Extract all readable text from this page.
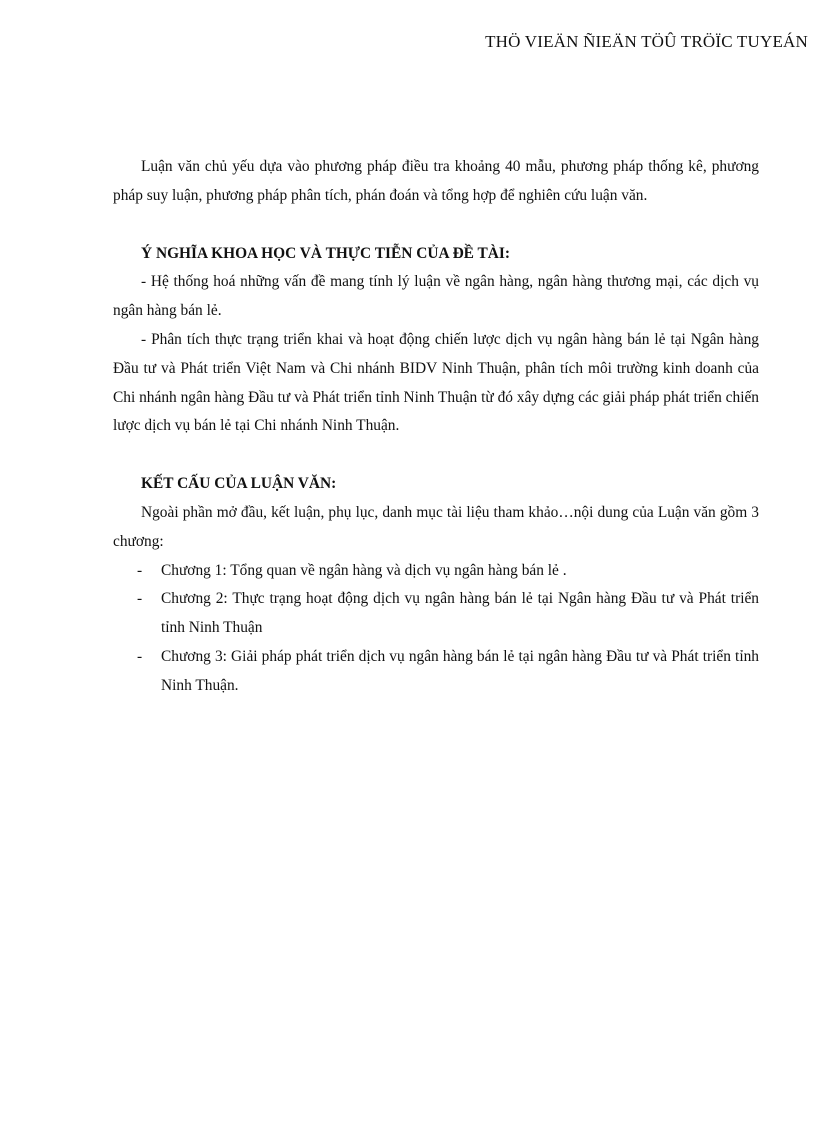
THÖ VIEÄN ÑIEÄN TÖÛ TRÖÏC TUYEÁN

Luận văn chủ yếu dựa vào phương pháp điều tra khoảng 40 mẫu, phương pháp thống kê, phương pháp suy luận, phương pháp phân tích, phán đoán và tổng hợp để nghiên cứu luận văn.

Ý NGHĨA KHOA HỌC VÀ THỰC TIỄN CỦA ĐỀ TÀI:

- Hệ thống hoá những vấn đề mang tính lý luận về ngân hàng, ngân hàng thương mại, các dịch vụ ngân hàng bán lẻ.

- Phân tích thực trạng triển khai và hoạt động chiến lược dịch vụ ngân hàng bán lẻ tại Ngân hàng Đầu tư và Phát triển Việt Nam và Chi nhánh BIDV Ninh Thuận, phân tích môi trường kinh doanh của Chi nhánh ngân hàng Đầu tư và Phát triển tỉnh Ninh Thuận từ đó xây dựng các giải pháp phát triển chiến lược dịch vụ bán lẻ tại Chi nhánh Ninh Thuận.

KẾT CẤU CỦA LUẬN VĂN:

Ngoài phần mở đầu, kết luận, phụ lục, danh mục tài liệu tham khảo…nội dung của Luận văn gồm 3 chương:

- Chương 1: Tổng quan về ngân hàng và dịch vụ ngân hàng bán lẻ .
- Chương 2: Thực trạng hoạt động dịch vụ ngân hàng bán lẻ tại Ngân hàng Đầu tư và Phát triển tỉnh Ninh Thuận
- Chương 3: Giải pháp phát triển dịch vụ ngân hàng bán lẻ tại ngân hàng Đầu tư và Phát triển tỉnh Ninh Thuận.
